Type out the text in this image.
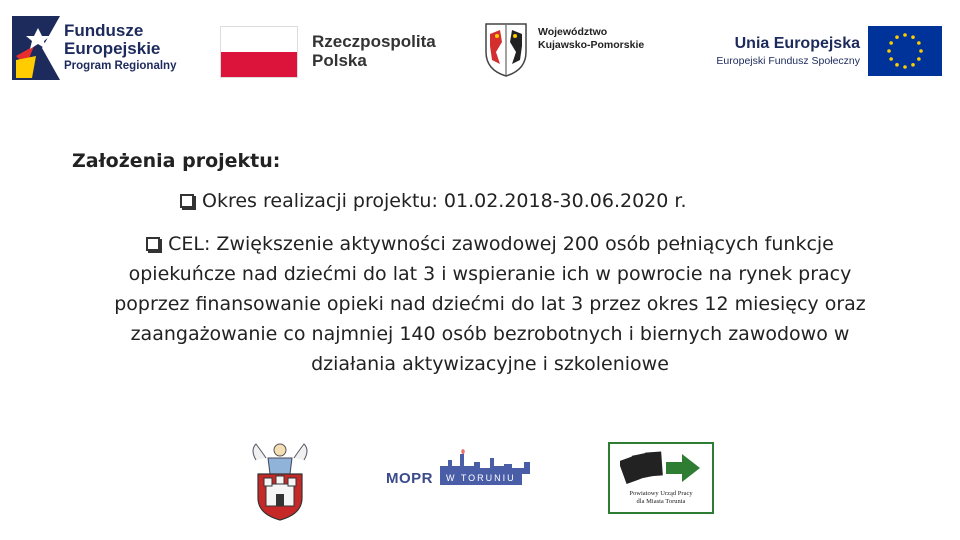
Fundusze
Europejskie
Program Regionalny
Rzeczpospolita
Polska
Województwo
Kujawsko-Pomorskie	Unia Europejska
Europejski Fundusz Społeczny
Założenia projektu:
Okres realizacji projektu: 01.02.2018-30.06.2020 r.
CEL: Zwiększenie aktywności zawodowej 200 osób pełniących funkcje opiekuńcze nad dziećmi do lat 3 i wspieranie ich w powrocie na rynek pracy poprzez finansowanie opieki nad dziećmi do lat 3 przez okres 12 miesięcy oraz zaangażowanie co najmniej 140 osób bezrobotnych i biernych zawodowo w działania aktywizacyjne i szkoleniowe
MOPR	W TORUNIU
Powiatowy Urząd Pracy
dla Miasta Torunia
